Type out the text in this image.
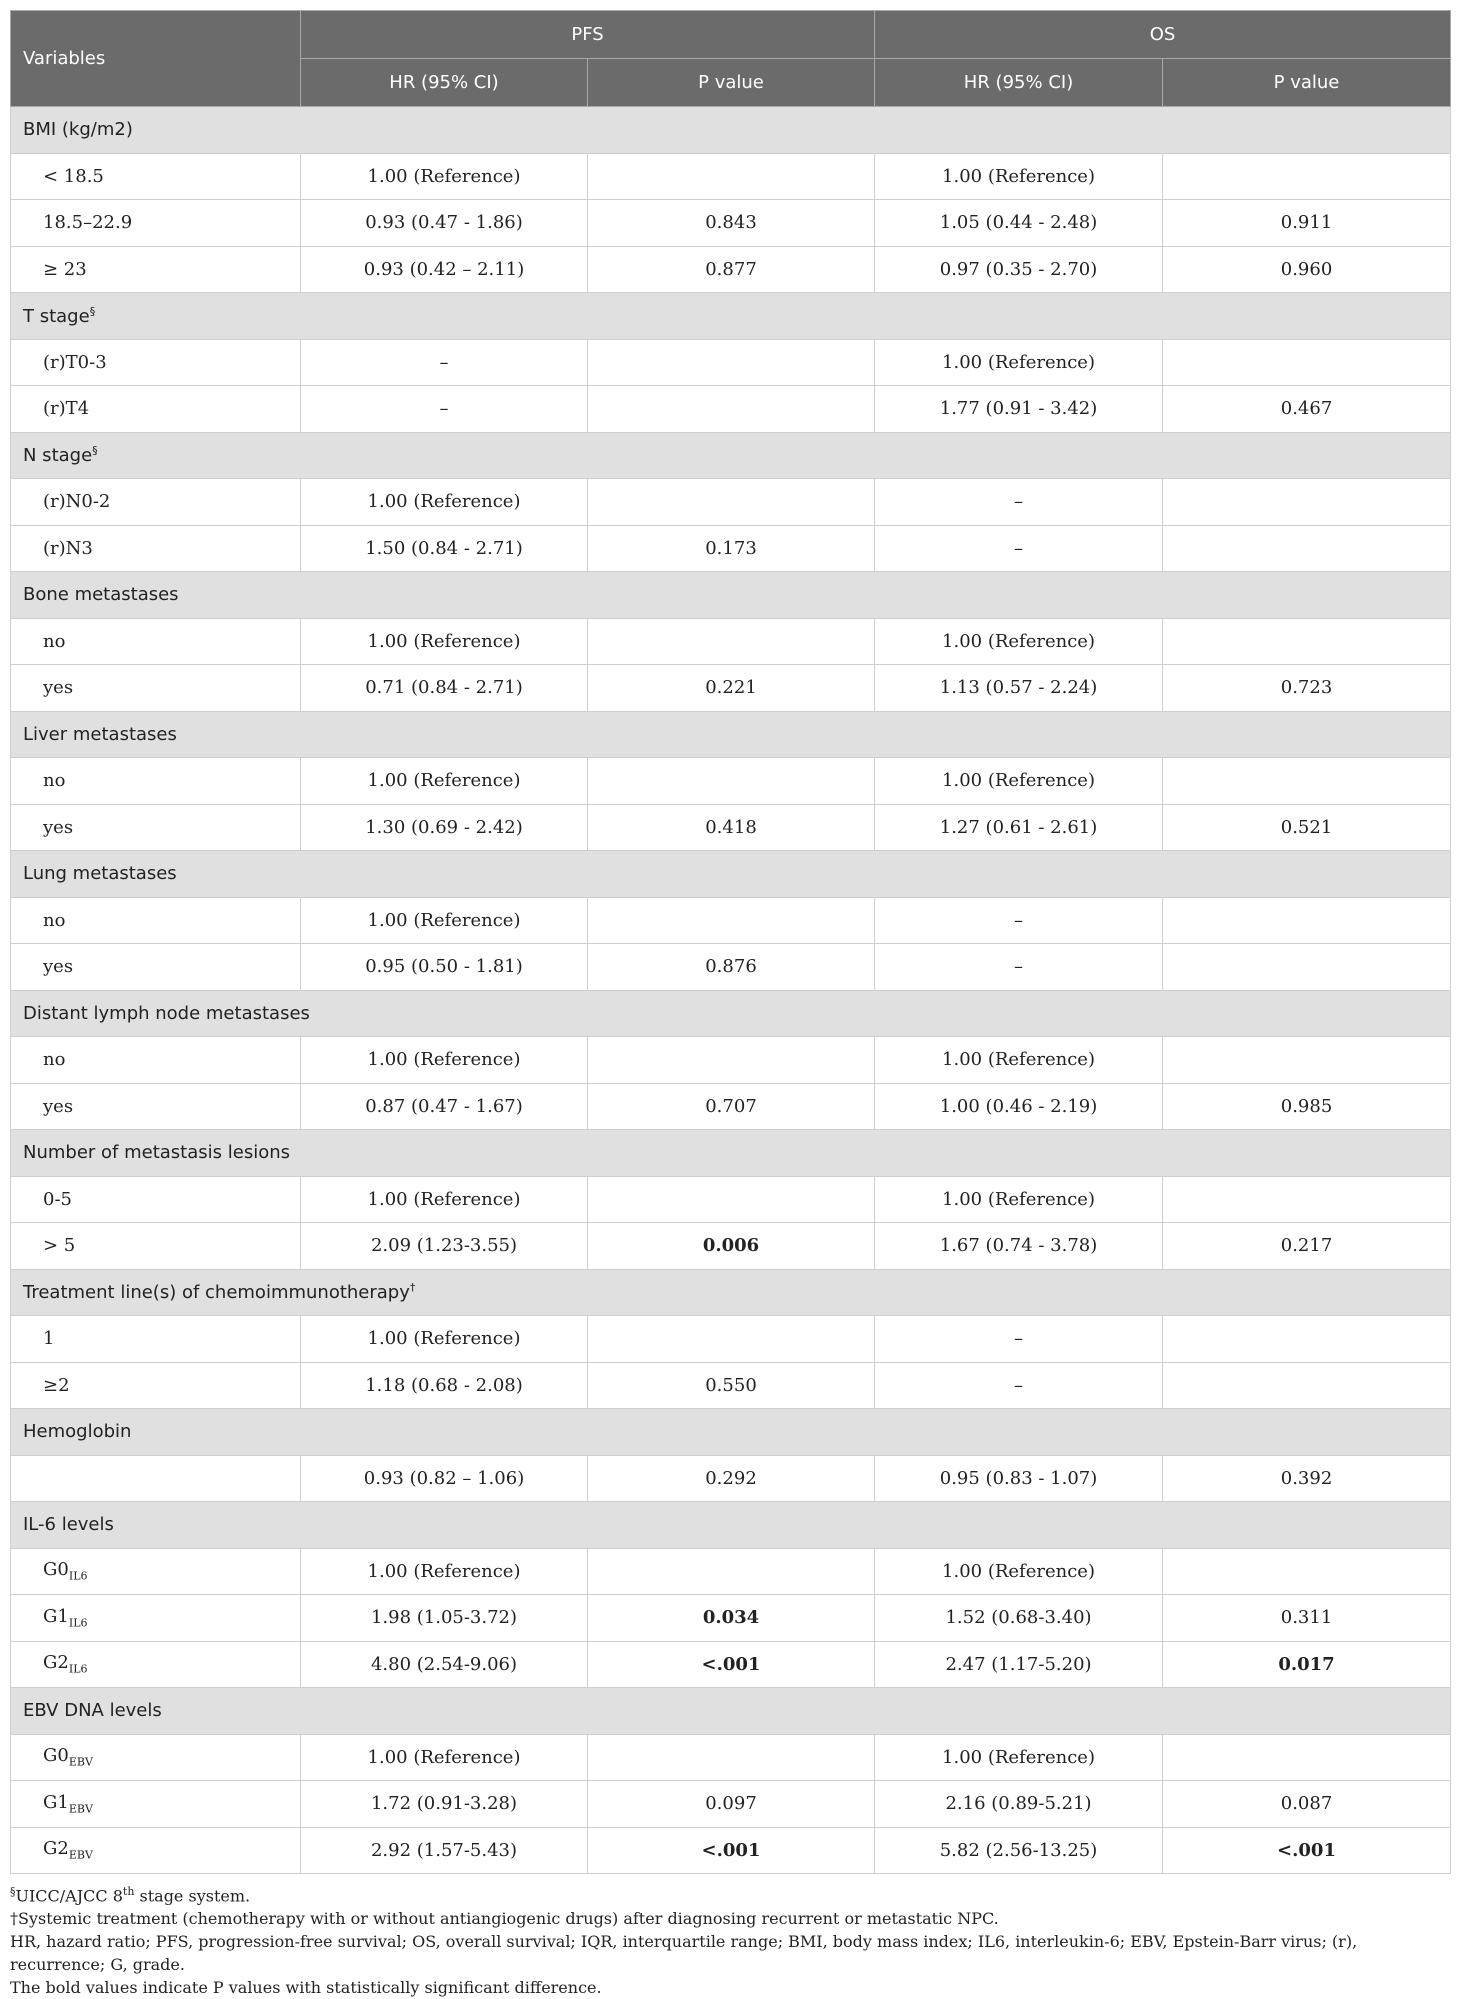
Variables	PFS		OS	
	HR (95% CI)	P value	HR (95% CI)	P value
BMI (kg/m2)				
< 18.5	1.00 (Reference)		1.00 (Reference)	
18.5–22.9	0.93 (0.47 - 1.86)	0.843	1.05 (0.44 - 2.48)	0.911
≥ 23	0.93 (0.42 – 2.11)	0.877	0.97 (0.35 - 2.70)	0.960
T stage§
(r)T0-3	–		1.00 (Reference)	
(r)T4	–		1.77 (0.91 - 3.42)	0.467
N stage§
(r)N0-2	1.00 (Reference)		–	
(r)N3	1.50 (0.84 - 2.71)	0.173	–	
Bone metastases				
no	1.00 (Reference)		1.00 (Reference)	
yes	0.71 (0.84 - 2.71)	0.221	1.13 (0.57 - 2.24)	0.723
Liver metastases				
no	1.00 (Reference)		1.00 (Reference)	
yes	1.30 (0.69 - 2.42)	0.418	1.27 (0.61 - 2.61)	0.521
Lung metastases				
no	1.00 (Reference)		–	
yes	0.95 (0.50 - 1.81)	0.876	–	
Distant lymph node metastases				
no	1.00 (Reference)		1.00 (Reference)	
yes	0.87 (0.47 - 1.67)	0.707	1.00 (0.46 - 2.19)	0.985
Number of metastasis lesions				
0-5	1.00 (Reference)		1.00 (Reference)	
> 5	2.09 (1.23-3.55)	0.006	1.67 (0.74 - 3.78)	0.217
Treatment line(s) of chemoimmunotherapy†
1	1.00 (Reference)		–	
≥2	1.18 (0.68 - 2.08)	0.550	–	
Hemoglobin				
	0.93 (0.82 – 1.06)	0.292	0.95 (0.83 - 1.07)	0.392
IL-6 levels				
$G0_{IL6}$	1.00 (Reference)		1.00 (Reference)	
$G1_{IL6}$	1.98 (1.05-3.72)	0.034	1.52 (0.68-3.40)	0.311
$G2_{IL6}$	4.80 (2.54-9.06)	<.001	2.47 (1.17-5.20)	0.017
EBV DNA levels				
$G0_{EBV}$	1.00 (Reference)		1.00 (Reference)	
$G1_{EBV}$	1.72 (0.91-3.28)	0.097	2.16 (0.89-5.21)	0.087
$G2_{EBV}$	2.92 (1.57-5.43)	<.001	5.82 (2.56-13.25)	<.001
§UICC/AJCC 8th stage system.
†Systemic treatment (chemotherapy with or without antiangiogenic drugs) after diagnosing recurrent or metastatic NPC.
HR, hazard ratio; PFS, progression-free survival; OS, overall survival; IQR, interquartile range; BMI, body mass index; IL6, interleukin-6; EBV, Epstein-Barr virus; (r), recurrence; G, grade.
The bold values indicate P values with statistically significant difference.
